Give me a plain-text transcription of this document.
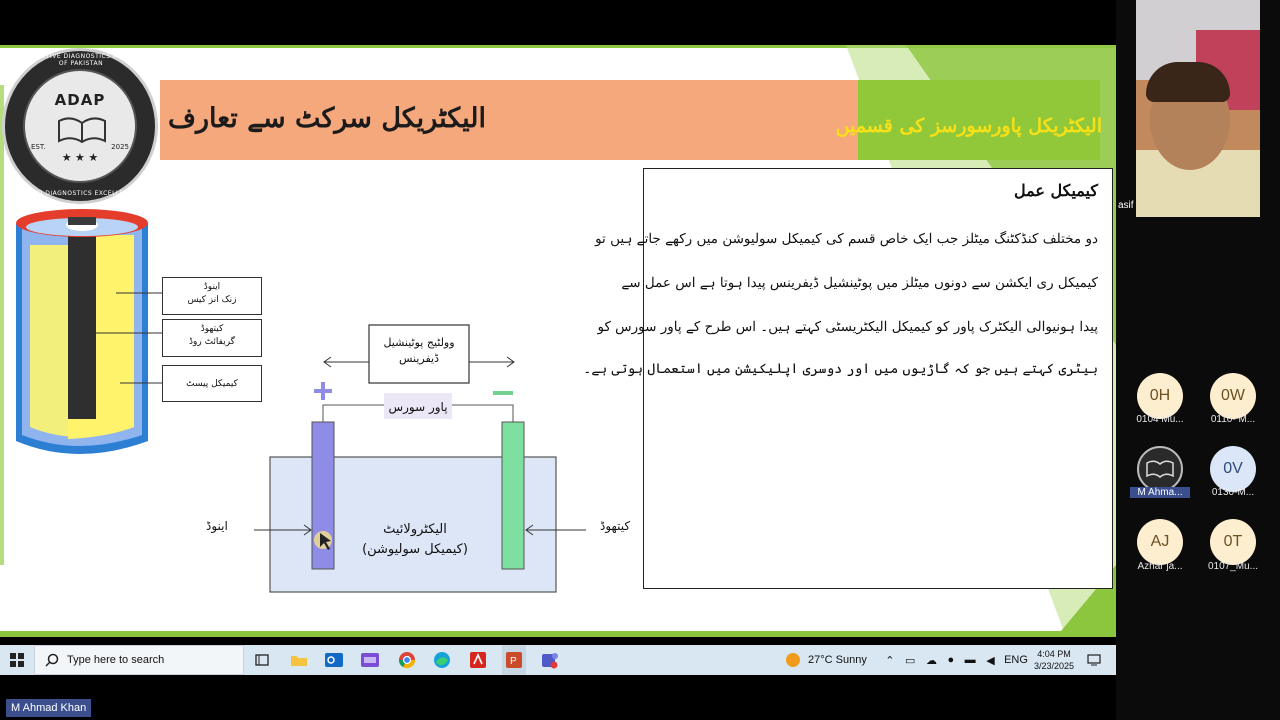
الیکٹریکل سرکٹ سے تعارف	الیکٹریکل پاورسورسز کی قسمیں
AUTOMOTIVE DIAGNOSTICS ACADEMY OF PAKISTAN
ADAP
EST.	2025
★ ★ ★
AUTO DIAGNOSTICS EXCELLENCE
اینوڈ
زنک انز کیس
کیتھوڈ
گریفائٹ روڈ
کیمیکل پیسٹ
وولٹیج پوٹینشیل
ڈیفرینس
پاور سورس
اینوڈ	کیتھوڈ
الیکٹرولائیٹ
(کیمیکل سولیوشن)
کیمیکل عمل
دو مختلف کنڈکٹنگ میٹلز جب ایک خاص قسم کی کیمیکل سولیوشن میں رکھے جاتے ہیں تو
کیمیکل ری ایکشن سے دونوں میٹلز میں پوٹینشیل ڈیفرینس پیدا ہوتا ہے اس عمل سے
پیدا ہونیوالی الیکٹرک پاور کو کیمیکل الیکٹریسٹی کہتے ہیں۔ اس طرح کے پاور سورس کو
بیٹری کہتے ہیں جو کہ گاڑیوں میں اور دوسری اپلیکیشن میں استعمال ہوتی ہے۔
Type here to search	P	27°C Sunny ⌃ ▭ ☁ ● ▬ ◀ ENG 4:04 PM
3/23/2025
asif
0H
0104 Mu...
0W
0110- M...
M Ahma...
0V
0130-M...
AJ
Azhar ja...
0T
0107_Mu...
M Ahmad Khan
